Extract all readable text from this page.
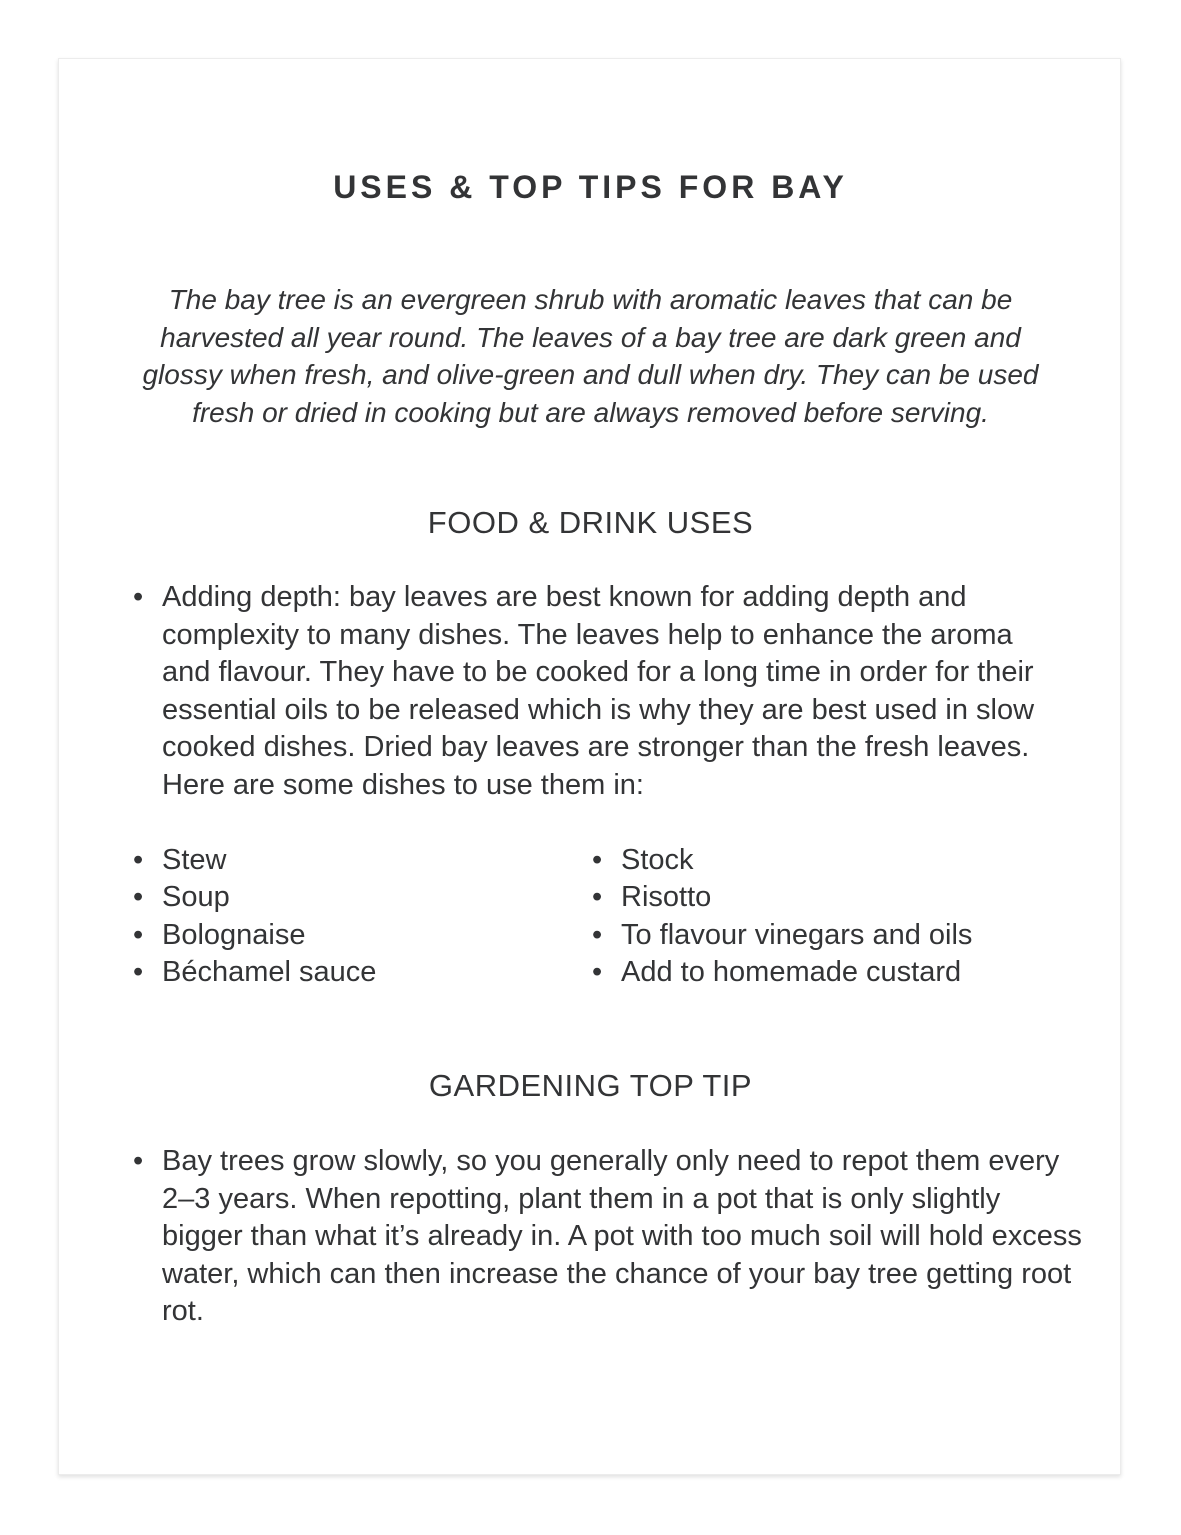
USES & TOP TIPS FOR BAY

The bay tree is an evergreen shrub with aromatic leaves that can be harvested all year round. The leaves of a bay tree are dark green and glossy when fresh, and olive-green and dull when dry. They can be used fresh or dried in cooking but are always removed before serving.

FOOD & DRINK USES
• Adding depth: bay leaves are best known for adding depth and complexity to many dishes. The leaves help to enhance the aroma and flavour. They have to be cooked for a long time in order for their essential oils to be released which is why they are best used in slow cooked dishes. Dried bay leaves are stronger than the fresh leaves. Here are some dishes to use them in:
• Stew
• Soup
• Bolognaise
• Béchamel sauce
• Stock
• Risotto
• To flavour vinegars and oils
• Add to homemade custard
GARDENING TOP TIP
• Bay trees grow slowly, so you generally only need to repot them every 2–3 years. When repotting, plant them in a pot that is only slightly bigger than what it’s already in. A pot with too much soil will hold excess water, which can then increase the chance of your bay tree getting root rot.
